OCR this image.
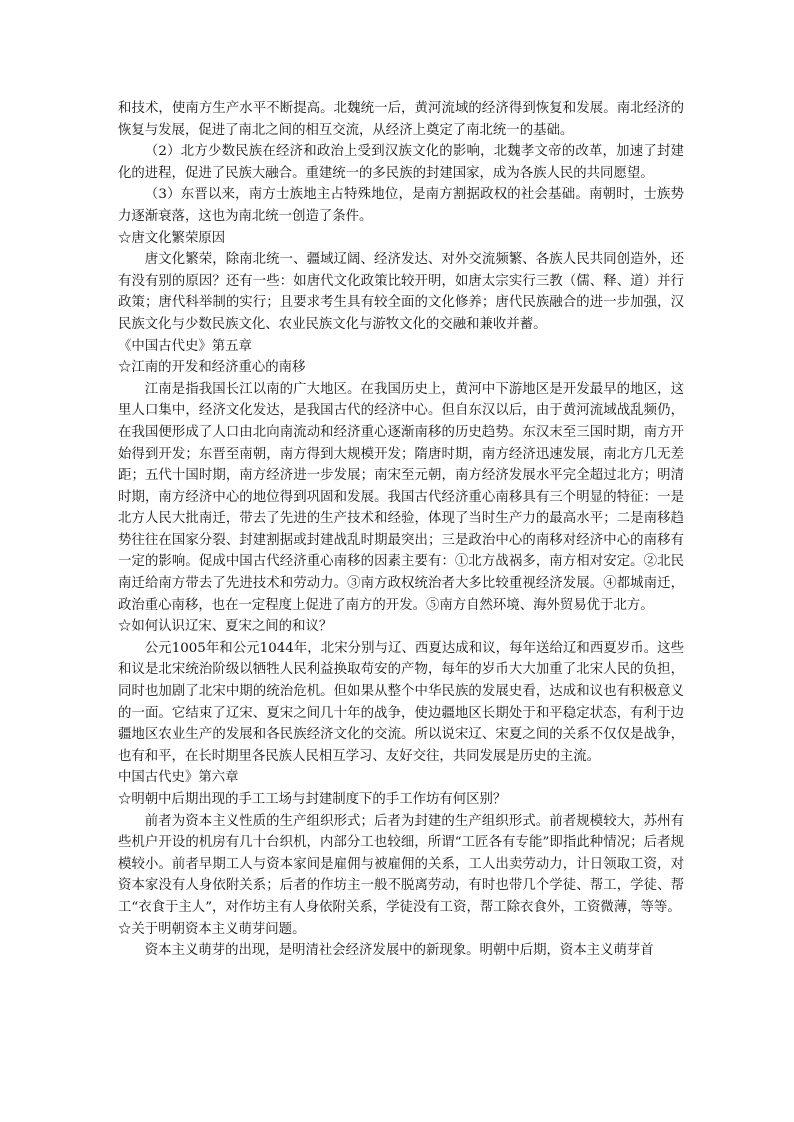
和技术，使南方生产水平不断提高。北魏统一后，黄河流域的经济得到恢复和发展。南北经济的恢复与发展，促进了南北之间的相互交流，从经济上奠定了南北统一的基础。

（2）北方少数民族在经济和政治上受到汉族文化的影响，北魏孝文帝的改革，加速了封建化的进程，促进了民族大融合。重建统一的多民族的封建国家，成为各族人民的共同愿望。

（3）东晋以来，南方士族地主占特殊地位，是南方割据政权的社会基础。南朝时，士族势力逐渐衰落，这也为南北统一创造了条件。

☆唐文化繁荣原因

唐文化繁荣，除南北统一、疆域辽阔、经济发达、对外交流频繁、各族人民共同创造外，还有没有别的原因？还有一些：如唐代文化政策比较开明，如唐太宗实行三教（儒、释、道）并行政策；唐代科举制的实行；且要求考生具有较全面的文化修养；唐代民族融合的进一步加强，汉民族文化与少数民族文化、农业民族文化与游牧文化的交融和兼收并蓄。

《中国古代史》第五章

☆江南的开发和经济重心的南移

江南是指我国长江以南的广大地区。在我国历史上，黄河中下游地区是开发最早的地区，这里人口集中，经济文化发达，是我国古代的经济中心。但自东汉以后，由于黄河流域战乱频仍，在我国便形成了人口由北向南流动和经济重心逐渐南移的历史趋势。东汉末至三国时期，南方开始得到开发；东晋至南朝，南方得到大规模开发；隋唐时期，南方经济迅速发展，南北方几无差距；五代十国时期，南方经济进一步发展；南宋至元朝，南方经济发展水平完全超过北方；明清时期，南方经济中心的地位得到巩固和发展。我国古代经济重心南移具有三个明显的特征：一是北方人民大批南迁，带去了先进的生产技术和经验，体现了当时生产力的最高水平；二是南移趋势往往在国家分裂、封建割据或封建战乱时期最突出；三是政治中心的南移对经济中心的南移有一定的影响。促成中国古代经济重心南移的因素主要有：①北方战祸多，南方相对安定。②北民南迁给南方带去了先进技术和劳动力。③南方政权统治者大多比较重视经济发展。④都城南迁，政治重心南移，也在一定程度上促进了南方的开发。⑤南方自然环境、海外贸易优于北方。

☆如何认识辽宋、夏宋之间的和议？

公元1005年和公元1044年，北宋分别与辽、西夏达成和议，每年送给辽和西夏岁币。这些和议是北宋统治阶级以牺牲人民利益换取苟安的产物，每年的岁币大大加重了北宋人民的负担，同时也加剧了北宋中期的统治危机。但如果从整个中华民族的发展史看，达成和议也有积极意义的一面。它结束了辽宋、夏宋之间几十年的战争，使边疆地区长期处于和平稳定状态，有利于边疆地区农业生产的发展和各民族经济文化的交流。所以说宋辽、宋夏之间的关系不仅仅是战争，也有和平，在长时期里各民族人民相互学习、友好交往，共同发展是历史的主流。

中国古代史》第六章

☆明朝中后期出现的手工工场与封建制度下的手工作坊有何区别？

前者为资本主义性质的生产组织形式；后者为封建的生产组织形式。前者规模较大，苏州有些机户开设的机房有几十台织机，内部分工也较细，所谓“工匠各有专能”即指此种情况；后者规模较小。前者早期工人与资本家间是雇佣与被雇佣的关系，工人出卖劳动力，计日领取工资，对资本家没有人身依附关系；后者的作坊主一般不脱离劳动，有时也带几个学徒、帮工，学徒、帮工“衣食于主人”，对作坊主有人身依附关系，学徒没有工资，帮工除衣食外，工资微薄，等等。

☆关于明朝资本主义萌芽问题。

资本主义萌芽的出现，是明清社会经济发展中的新现象。明朝中后期，资本主义萌芽首
